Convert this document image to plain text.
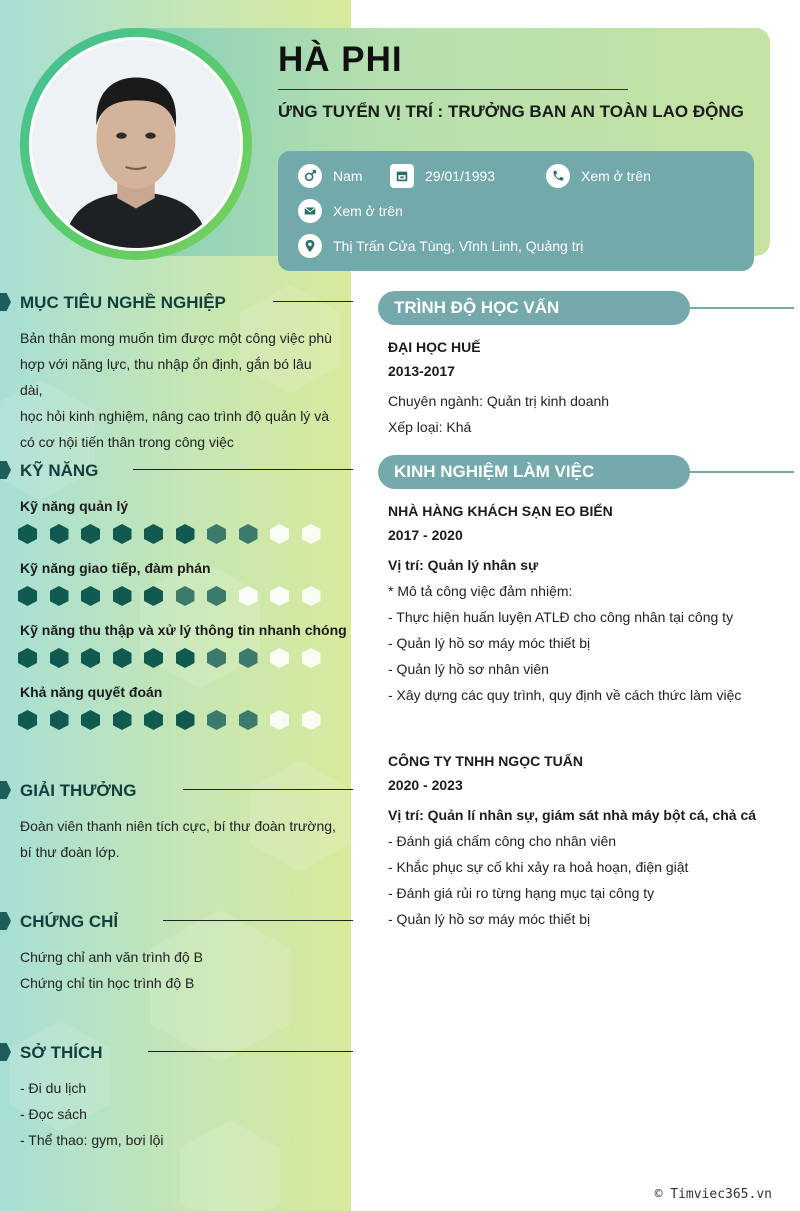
HÀ PHI
ỨNG TUYỂN VỊ TRÍ : TRƯỞNG BAN AN TOÀN LAO ĐỘNG
Nam	29/01/1993	Xem ở trên
Xem ở trên
Thị Trấn Cửa Tùng, Vĩnh Linh, Quảng trị
MỤC TIÊU NGHỀ NGHIỆP
Bản thân mong muốn tìm được một công việc phù
hợp với năng lực, thu nhập ổn định, gắn bó lâu dài,
học hỏi kinh nghiệm, nâng cao trình độ quản lý và
có cơ hội tiến thân trong công việc
KỸ NĂNG
Kỹ năng quản lý
Kỹ năng giao tiếp, đàm phán
Kỹ năng thu thập và xử lý thông tin nhanh chóng
Khả năng quyết đoán
GIẢI THƯỞNG
Đoàn viên thanh niên tích cực, bí thư đoàn trường,
bí thư đoàn lớp.
CHỨNG CHỈ
Chứng chỉ anh văn trình độ B
Chứng chỉ tin học trình độ B
SỞ THÍCH
- Đi du lịch
- Đọc sách
- Thể thao: gym, bơi lội
TRÌNH ĐỘ HỌC VẤN
ĐẠI HỌC HUẾ
2013-2017
Chuyên ngành: Quản trị kinh doanh
Xếp loại: Khá
KINH NGHIỆM LÀM VIỆC
NHÀ HÀNG KHÁCH SẠN EO BIỂN
2017 - 2020
Vị trí: Quản lý nhân sự
* Mô tả công việc đảm nhiệm:
- Thực hiện huấn luyện ATLĐ cho công nhân tại công ty
- Quản lý hồ sơ máy móc thiết bị
- Quản lý hồ sơ nhân viên
- Xây dựng các quy trình, quy định về cách thức làm việc
CÔNG TY TNHH NGỌC TUẤN
2020 - 2023
Vị trí: Quản lí nhân sự, giám sát nhà máy bột cá, chả cá
- Đánh giá chấm công cho nhân viên
- Khắc phục sự cố khi xảy ra hoả hoạn, điện giật
- Đánh giá rủi ro từng hạng mục tại công ty
- Quản lý hồ sơ máy móc thiết bị
© Timviec365.vn
